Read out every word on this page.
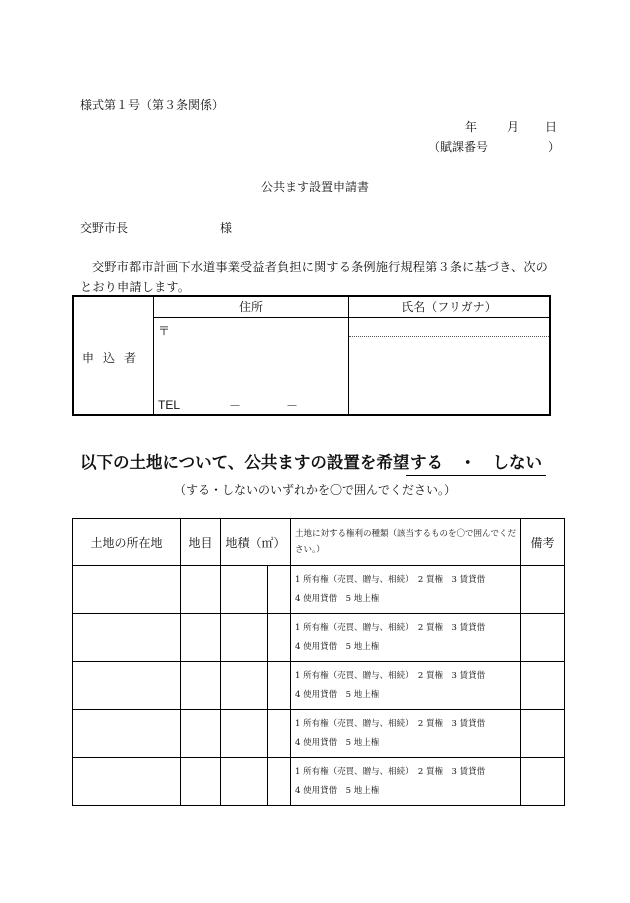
様式第１号（第３条関係）
年	月 日
（賦課番号　　　　　）
公共ます設置申請書
交野市長	様
交野市都市計画下水道事業受益者負担に関する条例施行規程第３条に基づき、次のとおり申請します。
申込者
住所	氏名（フリガナ）
〒
TEL	－	－
以下の土地について、公共ますの設置を希望 する　・　しない
（する・しないのいずれかを〇で囲んでください。）
土地の所在地	地目	地積（㎡）		土地に対する権利の種類（該当するものを〇で囲んでください。）	備考

				1 所有権（売買、贈与、相続）　2 質権　3 賃貸借
4 使用貸借　5 地上権	

				1 所有権（売買、贈与、相続）　2 質権　3 賃貸借
4 使用貸借　5 地上権	

				1 所有権（売買、贈与、相続）　2 質権　3 賃貸借
4 使用貸借　5 地上権	

				1 所有権（売買、贈与、相続）　2 質権　3 賃貸借
4 使用貸借　5 地上権	

				1 所有権（売買、贈与、相続）　2 質権　3 賃貸借
4 使用貸借　5 地上権	
